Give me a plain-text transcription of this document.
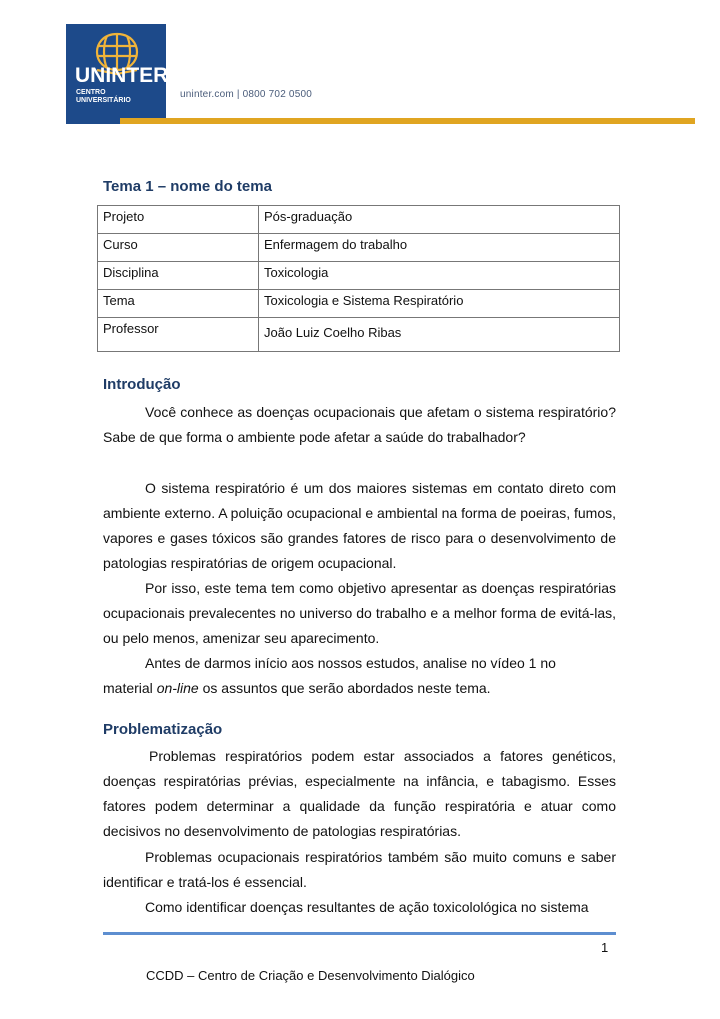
UNINTER
CENTRO
UNIVERSITÁRIO
uninter.com | 0800 702 0500
Tema 1 – nome do tema
Projeto	Pós-graduação
Curso	Enfermagem do trabalho
Disciplina	Toxicologia
Tema	Toxicologia e Sistema Respiratório
Professor	João Luiz Coelho Ribas
Introdução

Você conhece as doenças ocupacionais que afetam o sistema respiratório? Sabe de que forma o ambiente pode afetar a saúde do trabalhador?

O sistema respiratório é um dos maiores sistemas em contato direto com ambiente externo. A poluição ocupacional e ambiental na forma de poeiras, fumos, vapores e gases tóxicos são grandes fatores de risco para o desenvolvimento de patologias respiratórias de origem ocupacional.

Por isso, este tema tem como objetivo apresentar as doenças respiratórias ocupacionais prevalecentes no universo do trabalho e a melhor forma de evitá-las, ou pelo menos, amenizar seu aparecimento.

Antes de darmos início aos nossos estudos, analise no vídeo 1 no
material on-line os assuntos que serão abordados neste tema.
Problematização

Problemas respiratórios podem estar associados a fatores genéticos, doenças respiratórias prévias, especialmente na infância, e tabagismo. Esses fatores podem determinar a qualidade da função respiratória e atuar como decisivos no desenvolvimento de patologias respiratórias.

Problemas ocupacionais respiratórios também são muito comuns e saber identificar e tratá-los é essencial.

Como identificar doenças resultantes de ação toxicolológica no sistema

1
CCDD – Centro de Criação e Desenvolvimento Dialógico
